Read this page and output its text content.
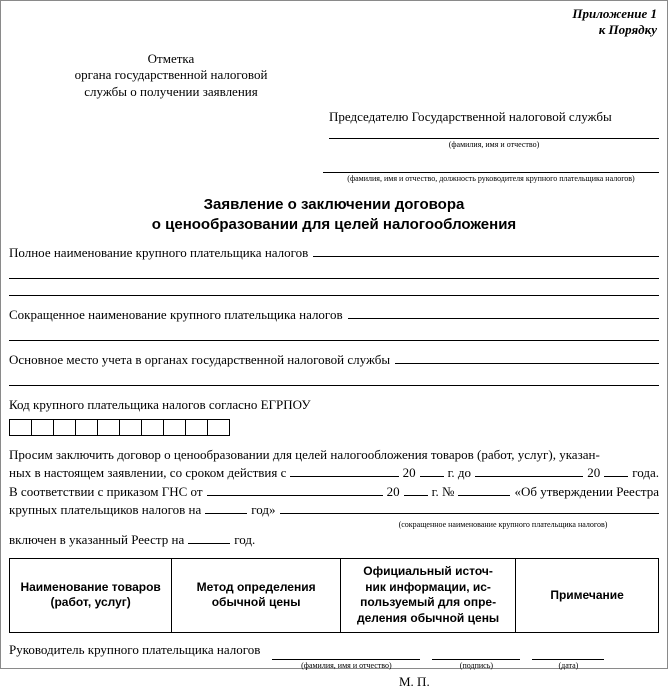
Приложение 1
к Порядку
Отметка
органа государственной налоговой
службы о получении заявления
Председателю Государственной налоговой службы
(фамилия, имя и отчество)
(фамилия, имя и отчество, должность руководителя крупного плательщика налогов)
Заявление о заключении договора
о ценообразовании для целей налогообложения
Полное наименование крупного плательщика налогов
Сокращенное наименование крупного плательщика налогов
Основное место учета в органах государственной налоговой службы
Код крупного плательщика налогов согласно ЕГРПОУ
Просим заключить договор о ценообразовании для целей налогообложения товаров (работ, услуг), указан-
ных в настоящем заявлении, со сроком действия с	20 г. до	20 года.
В соответствии с приказом ГНС от	20 г. №	«Об утверждении Реестра
крупных плательщиков налогов на	год»
(сокращенное наименование крупного плательщика налогов)
включен в указанный Реестр на	год.
Наименование товаров
(работ, услуг)

Метод определения
обычной цены

Официальный источ-
ник информации, ис-
пользуемый для опре-
деления обычной цены

Примечание
Руководитель крупного плательщика налогов
(фамилия, имя и отчество)	(подпись)	(дата)
М. П.
